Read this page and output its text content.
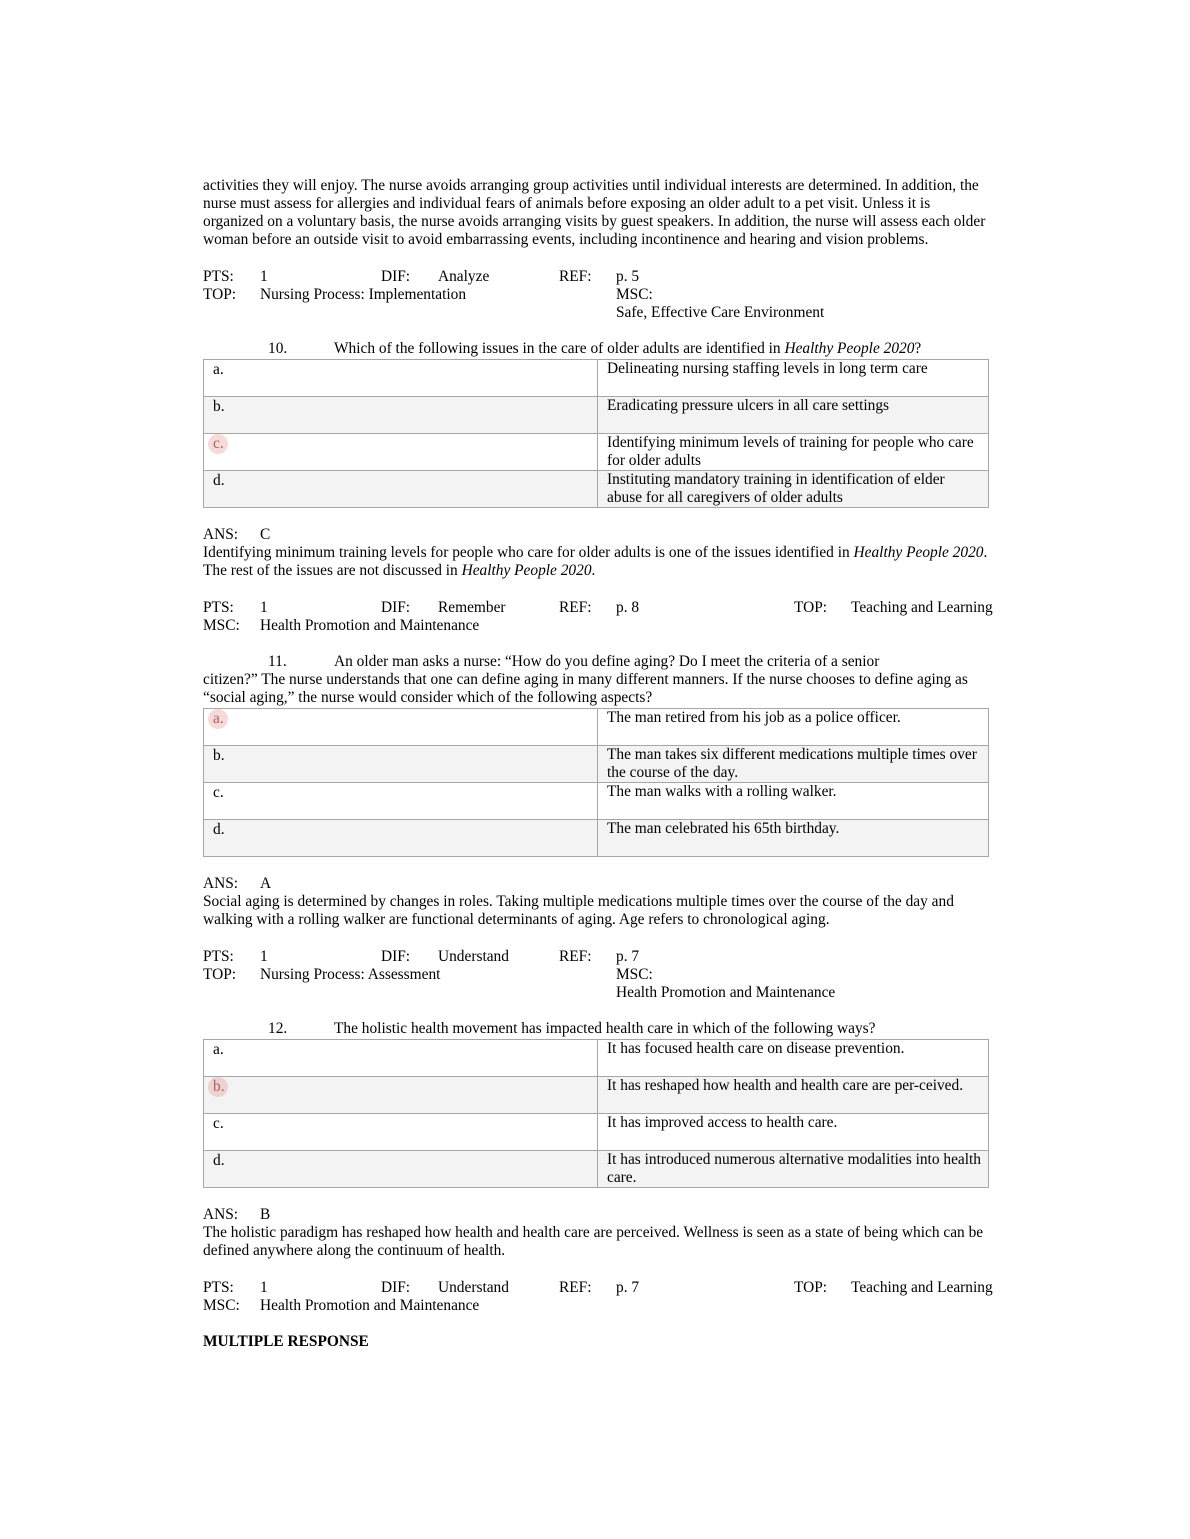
activities they will enjoy. The nurse avoids arranging group activities until individual interests are determined. In addition, the nurse must assess for allergies and individual fears of animals before exposing an older adult to a pet visit. Unless it is organized on a voluntary basis, the nurse avoids arranging visits by guest speakers. In addition, the nurse will assess each older woman before an outside visit to avoid embarrassing events, including incontinence and hearing and vision problems.

PTS:	1	DIF:	Analyze	REF:	p. 5
TOP:	Nursing Process: Implementation	MSC:
Safe, Effective Care Environment

10.	Which of the following issues in the care of older adults are identified in Healthy People 2020?

a.	Delineating nursing staffing levels in long term care
b.	Eradicating pressure ulcers in all care settings
c.	Identifying minimum levels of training for people who care for older adults
d.	Instituting mandatory training in identification of elder abuse for all caregivers of older adults

ANS: C

Identifying minimum training levels for people who care for older adults is one of the issues identified in Healthy People 2020. The rest of the issues are not discussed in Healthy People 2020.

PTS:	1	DIF:	Remember	REF:	p. 8	TOP:	Teaching and Learning
MSC:	Health Promotion and Maintenance

11.	An older man asks a nurse: “How do you define aging? Do I meet the criteria of a senior
citizen?” The nurse understands that one can define aging in many different manners. If the nurse chooses to define aging as “social aging,” the nurse would consider which of the following aspects?

a.	The man retired from his job as a police officer.
b.	The man takes six different medications multiple times over the course of the day.
c.	The man walks with a rolling walker.
d.	The man celebrated his 65th birthday.

ANS: A

Social aging is determined by changes in roles. Taking multiple medications multiple times over the course of the day and walking with a rolling walker are functional determinants of aging. Age refers to chronological aging.

PTS:	1	DIF:	Understand	REF:	p. 7
TOP:	Nursing Process: Assessment	MSC:
Health Promotion and Maintenance

12.	The holistic health movement has impacted health care in which of the following ways?

a.	It has focused health care on disease prevention.
b.	It has reshaped how health and health care are per-ceived.
c.	It has improved access to health care.
d.	It has introduced numerous alternative modalities into health care.

ANS: B

The holistic paradigm has reshaped how health and health care are perceived. Wellness is seen as a state of being which can be defined anywhere along the continuum of health.

PTS:	1	DIF:	Understand	REF:	p. 7	TOP:	Teaching and Learning
MSC:	Health Promotion and Maintenance

MULTIPLE RESPONSE
